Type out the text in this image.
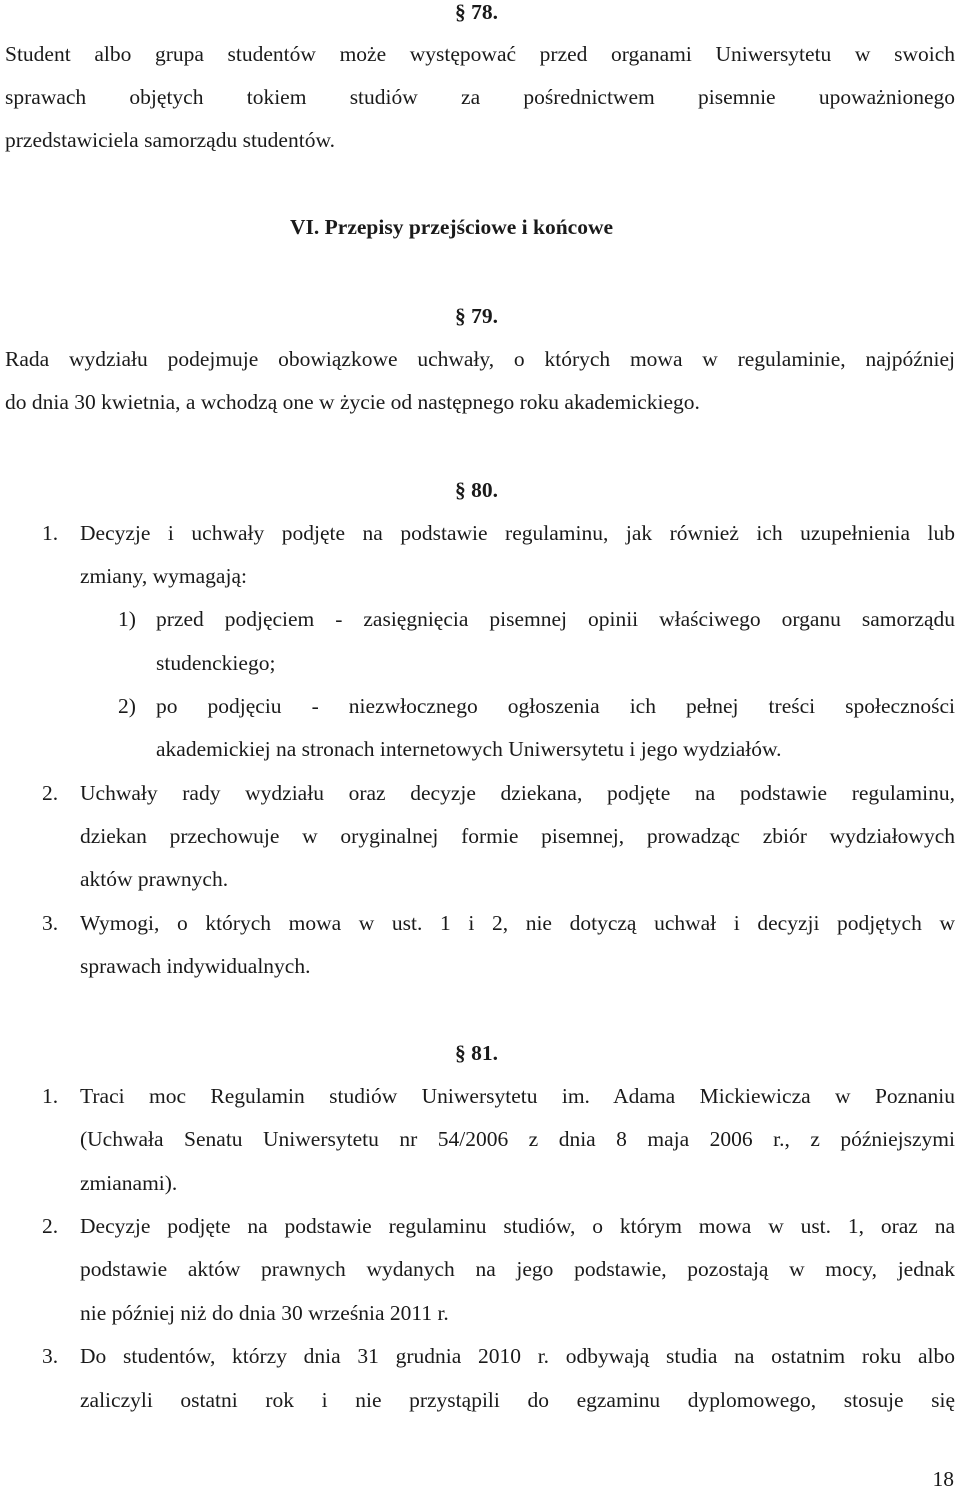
§ 78.
Student albo grupa studentów może występować przed organami Uniwersytetu w swoich
sprawach objętych tokiem studiów za pośrednictwem pisemnie upoważnionego
przedstawiciela samorządu studentów.
VI. Przepisy przejściowe i końcowe
§ 79.
Rada wydziału podejmuje obowiązkowe uchwały, o których mowa w regulaminie, najpóźniej
do dnia 30 kwietnia, a wchodzą one w życie od następnego roku akademickiego.
§ 80.
1. Decyzje i uchwały podjęte na podstawie regulaminu, jak również ich uzupełnienia lub
zmiany, wymagają:
1) przed podjęciem - zasięgnięcia pisemnej opinii właściwego organu samorządu
studenckiego;
2) po podjęciu - niezwłocznego ogłoszenia ich pełnej treści społeczności
akademickiej na stronach internetowych Uniwersytetu i jego wydziałów.
2. Uchwały rady wydziału oraz decyzje dziekana, podjęte na podstawie regulaminu,
dziekan przechowuje w oryginalnej formie pisemnej, prowadząc zbiór wydziałowych
aktów prawnych.
3. Wymogi, o których mowa w ust. 1 i 2, nie dotyczą uchwał i decyzji podjętych w
sprawach indywidualnych.
§ 81.
1. Traci moc Regulamin studiów Uniwersytetu im. Adama Mickiewicza w Poznaniu
(Uchwała Senatu Uniwersytetu nr 54/2006 z dnia 8 maja 2006 r., z późniejszymi
zmianami).
2. Decyzje podjęte na podstawie regulaminu studiów, o którym mowa w ust. 1, oraz na
podstawie aktów prawnych wydanych na jego podstawie, pozostają w mocy, jednak
nie później niż do dnia 30 września 2011 r.
3. Do studentów, którzy dnia 31 grudnia 2010 r. odbywają studia na ostatnim roku albo
zaliczyli ostatni rok i nie przystąpili do egzaminu dyplomowego, stosuje się
18
